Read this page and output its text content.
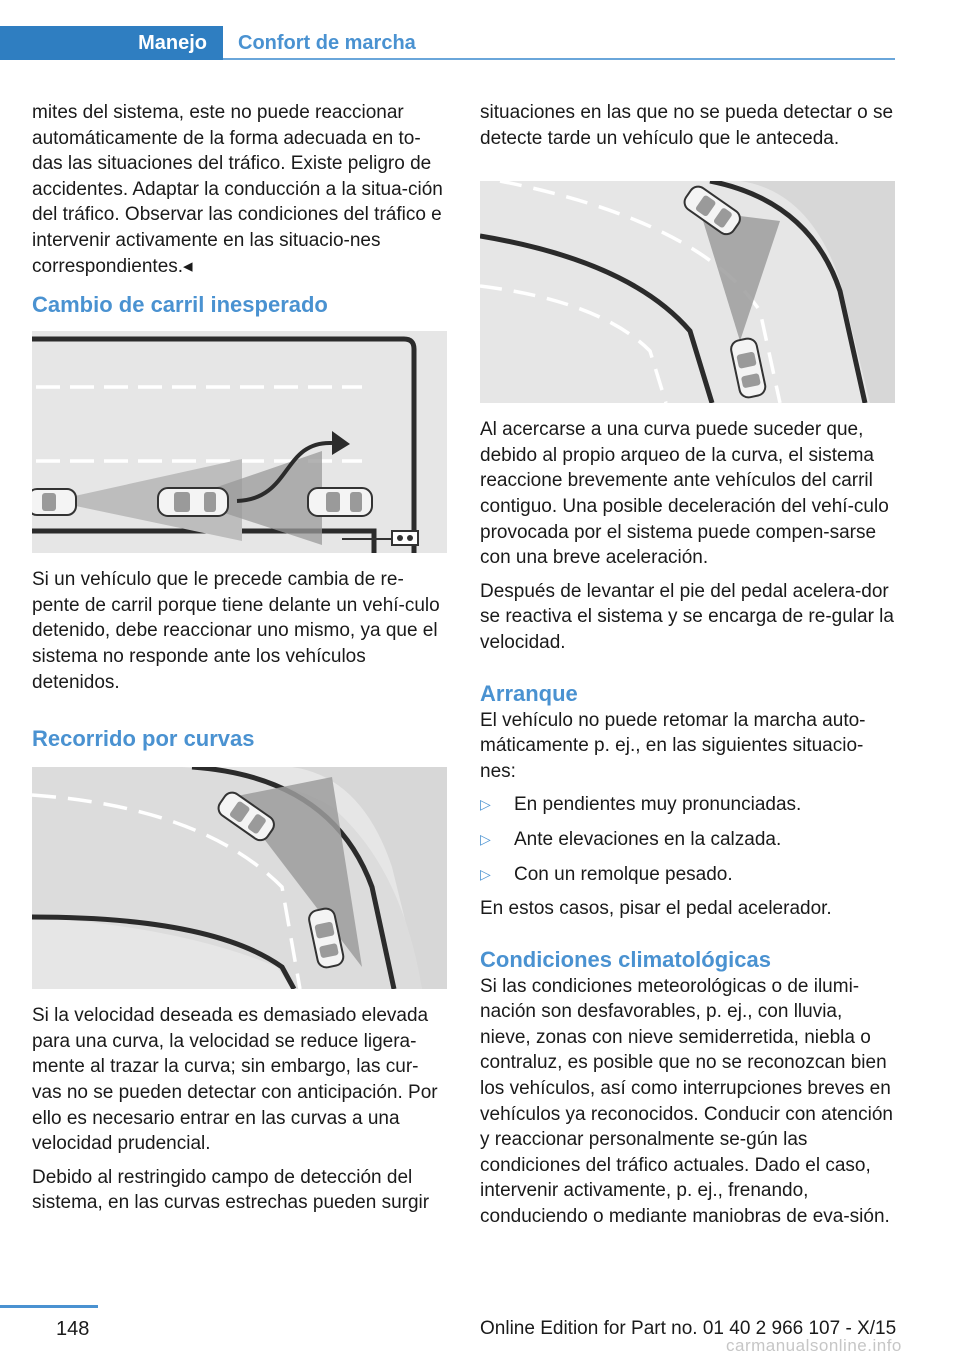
Manejo	Confort de marcha

mites del sistema, este no puede reaccionar automáticamente de la forma adecuada en to‐das las situaciones del tráfico. Existe peligro de accidentes. Adaptar la conducción a la situa‐ción del tráfico. Observar las condiciones del tráfico e intervenir activamente en las situacio‐nes correspondientes.◂

Cambio de carril inesperado

Si un vehículo que le precede cambia de re‐pente de carril porque tiene delante un vehí‐culo detenido, debe reaccionar uno mismo, ya que el sistema no responde ante los vehículos detenidos.

Recorrido por curvas

Si la velocidad deseada es demasiado elevada para una curva, la velocidad se reduce ligera‐mente al trazar la curva; sin embargo, las cur‐vas no se pueden detectar con anticipación. Por ello es necesario entrar en las curvas a una velocidad prudencial.

Debido al restringido campo de detección del sistema, en las curvas estrechas pueden surgir

situaciones en las que no se pueda detectar o se detecte tarde un vehículo que le anteceda.

Al acercarse a una curva puede suceder que, debido al propio arqueo de la curva, el sistema reaccione brevemente ante vehículos del carril contiguo. Una posible deceleración del vehí‐culo provocada por el sistema puede compen‐sarse con una breve aceleración.

Después de levantar el pie del pedal acelera‐dor se reactiva el sistema y se encarga de re‐gular la velocidad.

Arranque

El vehículo no puede retomar la marcha auto‐máticamente p. ej., en las siguientes situacio‐nes:

▷ En pendientes muy pronunciadas.
▷ Ante elevaciones en la calzada.
▷ Con un remolque pesado.

En estos casos, pisar el pedal acelerador.

Condiciones climatológicas

Si las condiciones meteorológicas o de ilumi‐nación son desfavorables, p. ej., con lluvia, nieve, zonas con nieve semiderretida, niebla o contraluz, es posible que no se reconozcan bien los vehículos, así como interrupciones breves en vehículos ya reconocidos. Conducir con atención y reaccionar personalmente se‐gún las condiciones del tráfico actuales. Dado el caso, intervenir activamente, p. ej., frenando, conduciendo o mediante maniobras de eva‐sión.

148	Online Edition for Part no. 01 40 2 966 107 - X/15
carmanualsonline.info
